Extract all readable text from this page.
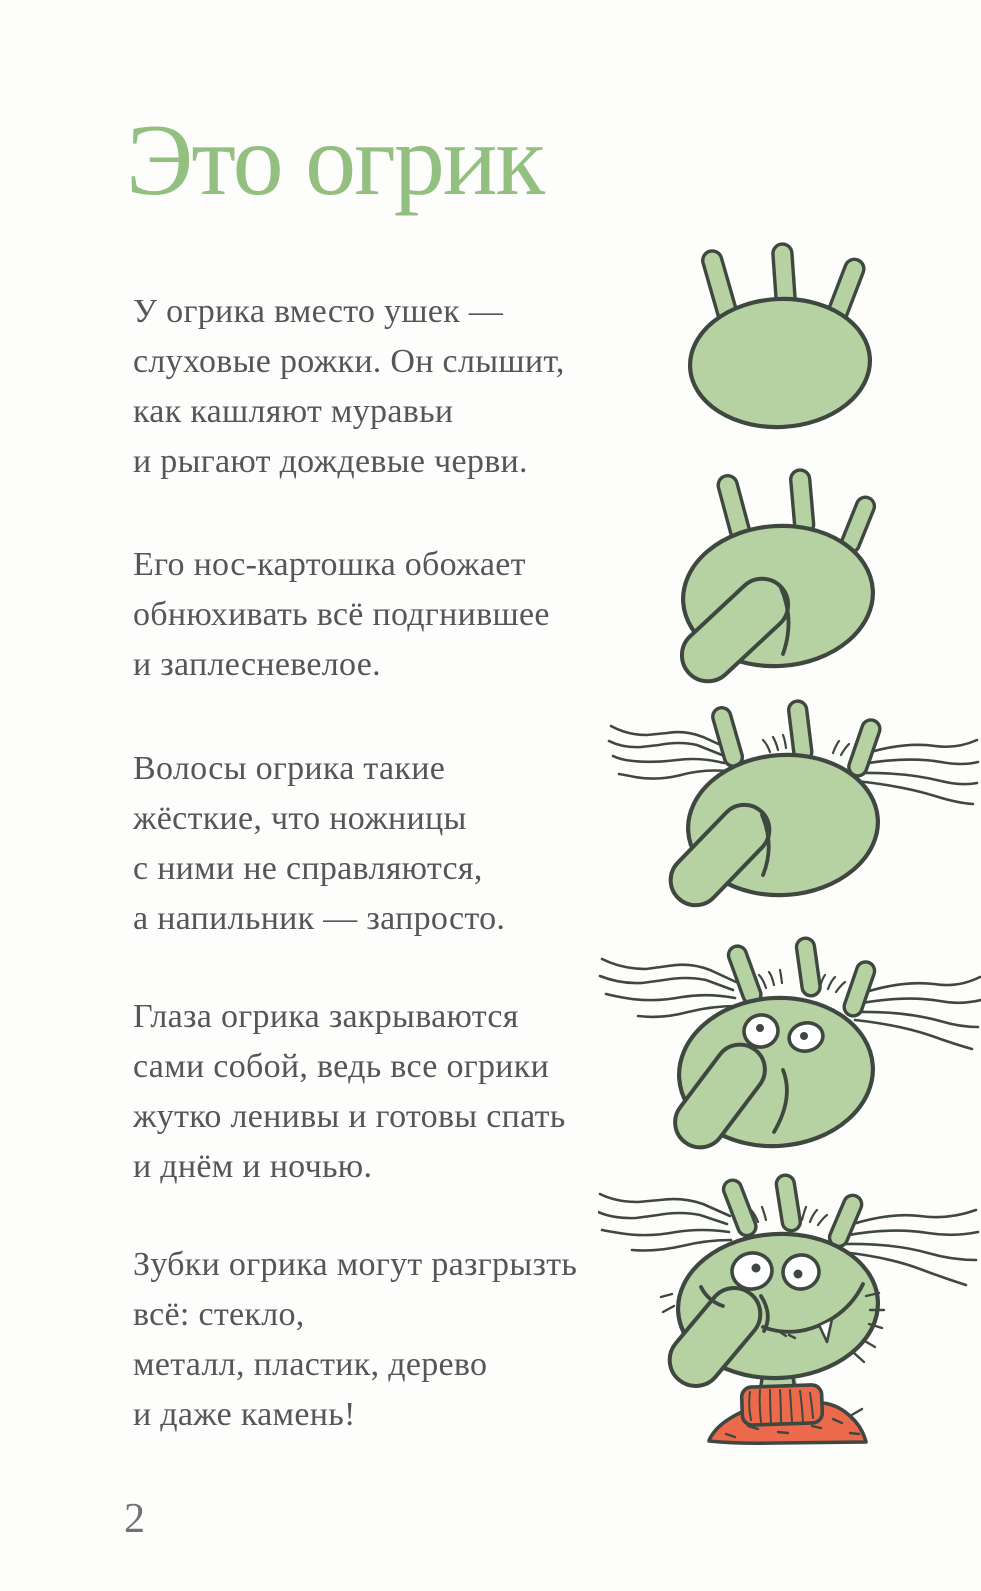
Это огрик
У огрика вместо ушек —
слуховые рожки. Он слышит,
как кашляют муравьи
и рыгают дождевые черви.
Его нос-картошка обожает
обнюхивать всё подгнившее
и заплесневелое.
Волосы огрика такие
жёсткие, что ножницы
с ними не справляются,
а напильник — запросто.
Глаза огрика закрываются
сами собой, ведь все огрики
жутко ленивы и готовы спать
и днём и ночью.
Зубки огрика могут разгрызть
всё: стекло,
металл, пластик, дерево
и даже камень!
2
